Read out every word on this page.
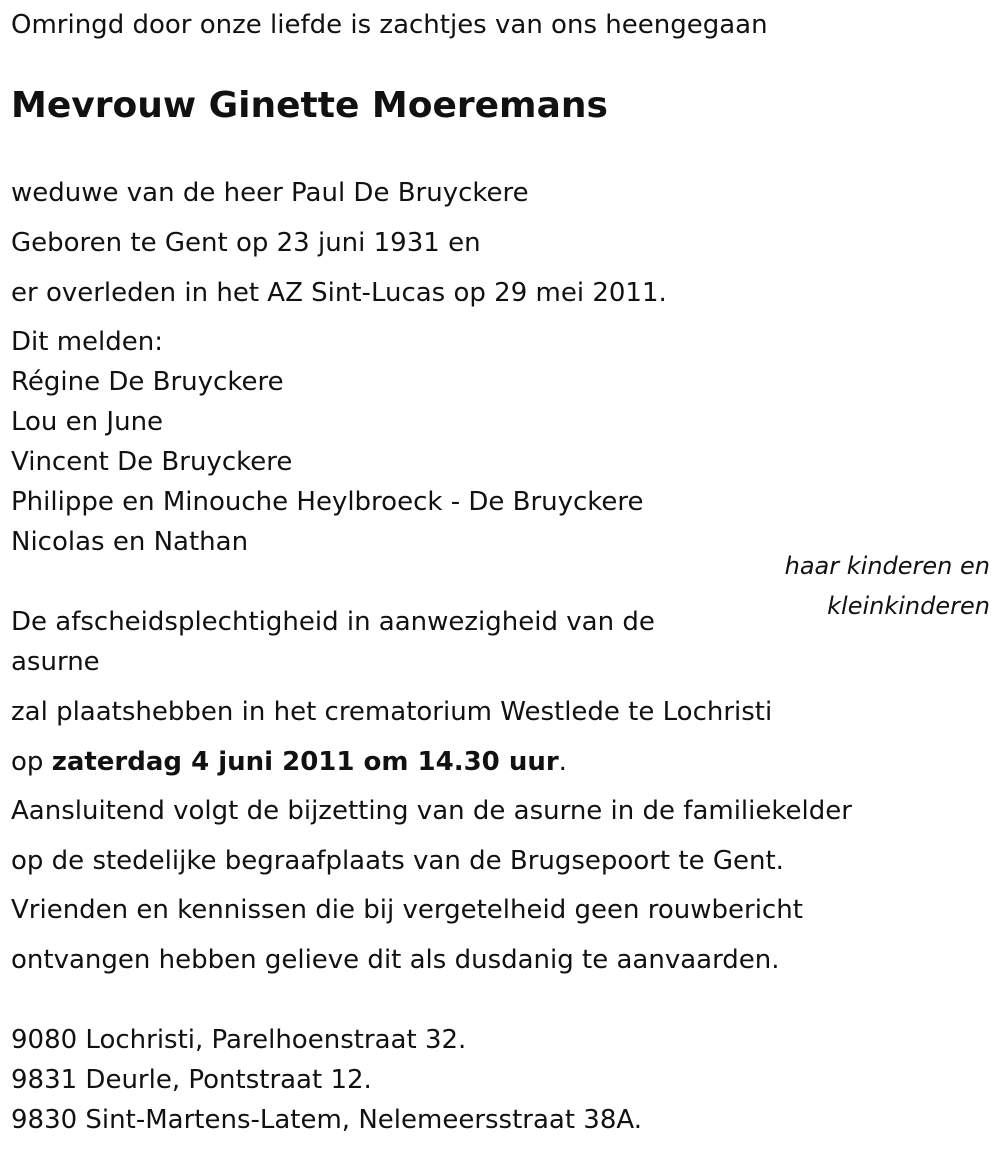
Omringd door onze liefde is zachtjes van ons heengegaan
Mevrouw Ginette Moeremans
weduwe van de heer Paul De Bruyckere
Geboren te Gent op 23 juni 1931 en
er overleden in het AZ Sint-Lucas op 29 mei 2011.
Dit melden:
Régine De Bruyckere
Lou en June
Vincent De Bruyckere
Philippe en Minouche Heylbroeck - De Bruyckere
Nicolas en Nathan
haar kinderen en kleinkinderen
De afscheidsplechtigheid in aanwezigheid van de asurne
zal plaatshebben in het crematorium Westlede te Lochristi
op zaterdag 4 juni 2011 om 14.30 uur.
Aansluitend volgt de bijzetting van de asurne in de familiekelder
op de stedelijke begraafplaats van de Brugsepoort te Gent.
Vrienden en kennissen die bij vergetelheid geen rouwbericht
ontvangen hebben gelieve dit als dusdanig te aanvaarden.
9080 Lochristi, Parelhoenstraat 32.
9831 Deurle, Pontstraat 12.
9830 Sint-Martens-Latem, Nelemeersstraat 38A.
